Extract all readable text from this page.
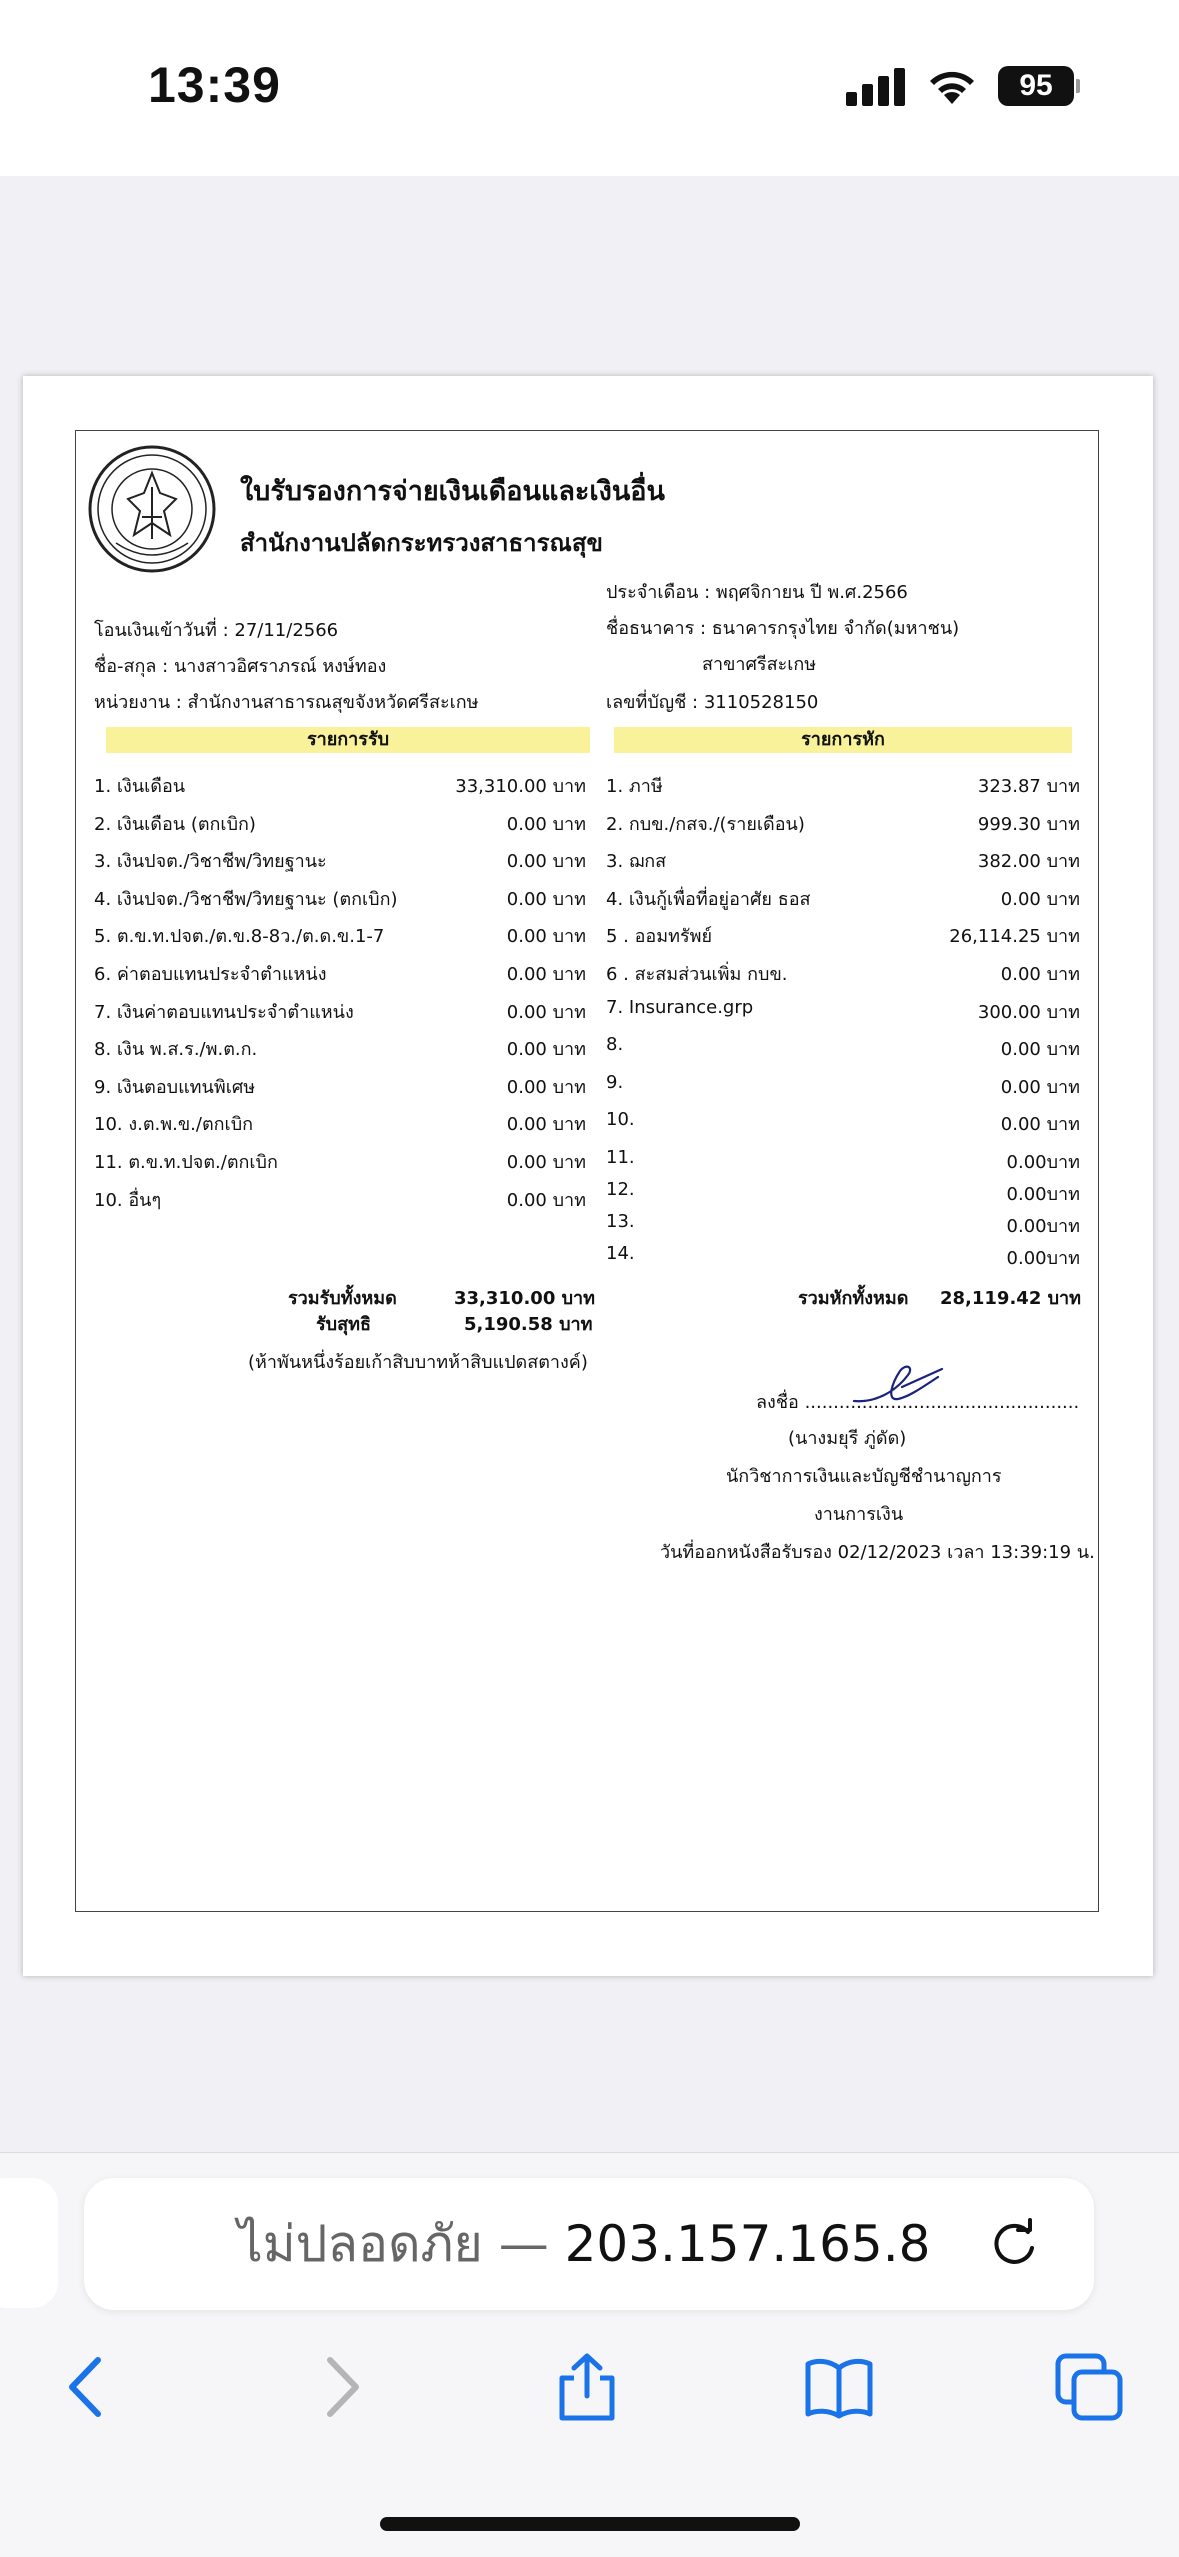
13:39	95
ใบรับรองการจ่ายเงินเดือนและเงินอื่น
สำนักงานปลัดกระทรวงสาธารณสุข
ประจำเดือน : พฤศจิกายน ปี พ.ศ.2566
โอนเงินเข้าวันที่ : 27/11/2566	ชื่อธนาคาร : ธนาคารกรุงไทย จำกัด(มหาชน)
ชื่อ-สกุล : นางสาวอิศราภรณ์ หงษ์ทอง	สาขาศรีสะเกษ
หน่วยงาน : สำนักงานสาธารณสุขจังหวัดศรีสะเกษ	เลขที่บัญชี : 3110528150
รายการรับ	รายการหัก
1. เงินเดือน	33,310.00 บาท
2. เงินเดือน (ตกเบิก)	0.00 บาท
3. เงินปจต./วิชาชีพ/วิทยฐานะ	0.00 บาท
4. เงินปจต./วิชาชีพ/วิทยฐานะ (ตกเบิก)	0.00 บาท
5. ต.ข.ท.ปจต./ต.ข.8-8ว./ต.ด.ข.1-7	0.00 บาท
6. ค่าตอบแทนประจำตำแหน่ง	0.00 บาท
7. เงินค่าตอบแทนประจำตำแหน่ง	0.00 บาท
8. เงิน พ.ส.ร./พ.ต.ก.	0.00 บาท
9. เงินตอบแทนพิเศษ	0.00 บาท
10. ง.ต.พ.ข./ตกเบิก	0.00 บาท
11. ต.ข.ท.ปจต./ตกเบิก	0.00 บาท
10. อื่นๆ	0.00 บาท
1. ภาษี	323.87 บาท
2. กบข./กสจ./(รายเดือน)	999.30 บาท
3. ฌกส	382.00 บาท
4. เงินกู้เพื่อที่อยู่อาศัย ธอส	0.00 บาท
5 . ออมทรัพย์	26,114.25 บาท
6 . สะสมส่วนเพิ่ม กบข.	0.00 บาท
7. Insurance.grp	300.00 บาท
8.	0.00 บาท
9.	0.00 บาท
10.	0.00 บาท
11.	0.00บาท
12.	0.00บาท
13.	0.00บาท
14.	0.00บาท
รวมรับทั้งหมด	33,310.00 บาท
รับสุทธิ	5,190.58 บาท
(ห้าพันหนึ่งร้อยเก้าสิบบาทห้าสิบแปดสตางค์)
รวมหักทั้งหมด 28,119.42 บาท
ลงชื่อ ................................................
(นางมยุรี ภู่ดัด)
นักวิชาการเงินและบัญชีชำนาญการ
งานการเงิน
วันที่ออกหนังสือรับรอง 02/12/2023 เวลา 13:39:19 น.
ไม่ปลอดภัย — 203.157.165.8
